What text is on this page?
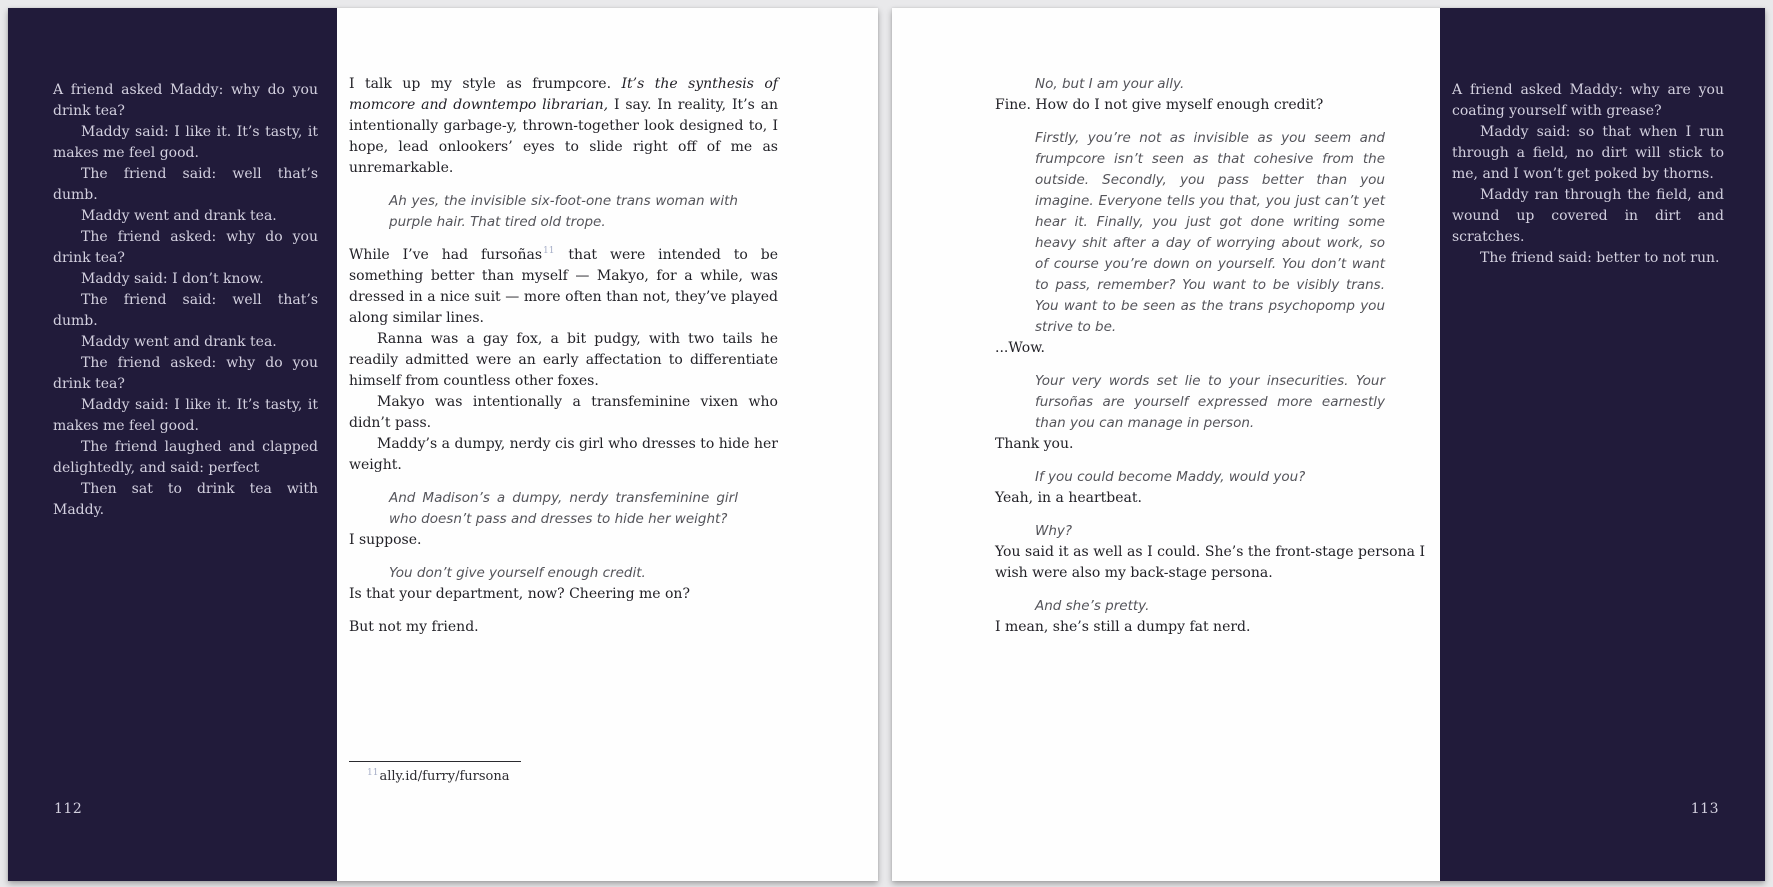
A friend asked Maddy: why do you drink tea?

Maddy said: I like it. It’s tasty, it makes me feel good.

The friend said: well that’s dumb.

Maddy went and drank tea.

The friend asked: why do you drink tea?

Maddy said: I don’t know.

The friend said: well that’s dumb.

Maddy went and drank tea.

The friend asked: why do you drink tea?

Maddy said: I like it. It’s tasty, it makes me feel good.

The friend laughed and clapped delightedly, and said: perfect

Then sat to drink tea with Maddy.

112

I talk up my style as frumpcore. It’s the synthesis of momcore and downtempo librarian, I say. In reality, It’s an intentionally garbage-y, thrown-together look designed to, I hope, lead onlookers’ eyes to slide right off of me as unremarkable.

Ah yes, the invisible six-foot-one trans woman with purple hair. That tired old trope.

While I’ve had fursoñas$^{11}$ that were intended to be something better than myself — Makyo, for a while, was dressed in a nice suit — more often than not, they’ve played along similar lines.

Ranna was a gay fox, a bit pudgy, with two tails he readily admitted were an early affectation to differentiate himself from countless other foxes.

Makyo was intentionally a transfeminine vixen who didn’t pass.

Maddy’s a dumpy, nerdy cis girl who dresses to hide her weight.

And Madison’s a dumpy, nerdy transfeminine girl who doesn’t pass and dresses to hide her weight?

I suppose.

You don’t give yourself enough credit.

Is that your department, now? Cheering me on?

But not my friend.

$^{11}$ally.id/furry/fursona

No, but I am your ally.

Fine. How do I not give myself enough credit?

Firstly, you’re not as invisible as you seem and frumpcore isn’t seen as that cohesive from the outside. Secondly, you pass better than you imagine. Everyone tells you that, you just can’t yet hear it. Finally, you just got done writing some heavy shit after a day of worrying about work, so of course you’re down on yourself. You don’t want to pass, remember? You want to be visibly trans. You want to be seen as the trans psychopomp you strive to be.

...Wow.

Your very words set lie to your insecurities. Your fursoñas are yourself expressed more earnestly than you can manage in person.

Thank you.

If you could become Maddy, would you?

Yeah, in a heartbeat.

Why?

You said it as well as I could. She’s the front-stage persona I wish were also my back-stage persona.

And she’s pretty.

I mean, she’s still a dumpy fat nerd.

A friend asked Maddy: why are you coating yourself with grease?

Maddy said: so that when I run through a field, no dirt will stick to me, and I won’t get poked by thorns.

Maddy ran through the field, and wound up covered in dirt and scratches.

The friend said: better to not run.

113
